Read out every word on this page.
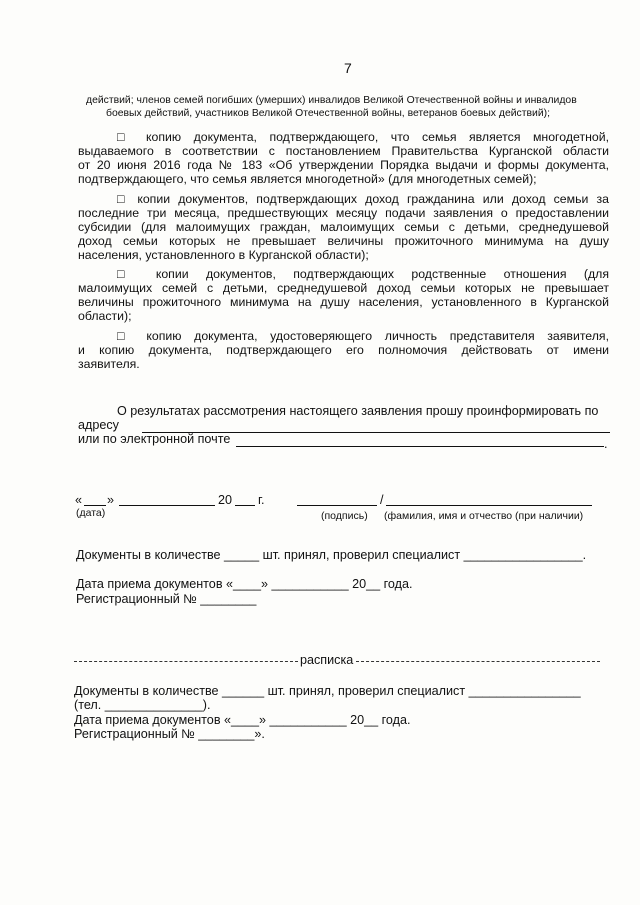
7
действий; членов семей погибших (умерших) инвалидов Великой Отечественной войны и инвалидов
боевых действий, участников Великой Отечественной войны, ветеранов боевых действий);
□ копию документа, подтверждающего, что семья является многодетной,
выдаваемого в соответствии с постановлением Правительства Курганской области
от 20 июня 2016 года № 183 «Об утверждении Порядка выдачи и формы документа,
подтверждающего, что семья является многодетной» (для многодетных семей);
□ копии документов, подтверждающих доход гражданина или доход семьи за
последние три месяца, предшествующих месяцу подачи заявления о предоставлении
субсидии (для малоимущих граждан, малоимущих семьи с детьми, среднедушевой
доход семьи которых не превышает величины прожиточного минимума на душу
населения, установленного в Курганской области);
□ копии документов, подтверждающих родственные отношения (для
малоимущих семей с детьми, среднедушевой доход семьи которых не превышает
величины прожиточного минимума на душу населения, установленного в Курганской
области);
□ копию документа, удостоверяющего личность представителя заявителя,
и копию документа, подтверждающего его полномочия действовать от имени
заявителя.
О результатах рассмотрения настоящего заявления прошу проинформировать по
адресу
или по электронной почте	.
« »	20 г.	/
(дата)	(подпись) (фамилия, имя и отчество (при наличии)
Документы в количестве _____ шт. принял, проверил специалист _________________.
Дата приема документов «____» ___________ 20__ года.
Регистрационный № ________
расписка
Документы в количестве ______ шт. принял, проверил специалист ________________
(тел. ______________).
Дата приема документов «____» ___________ 20__ года.
Регистрационный № ________».
